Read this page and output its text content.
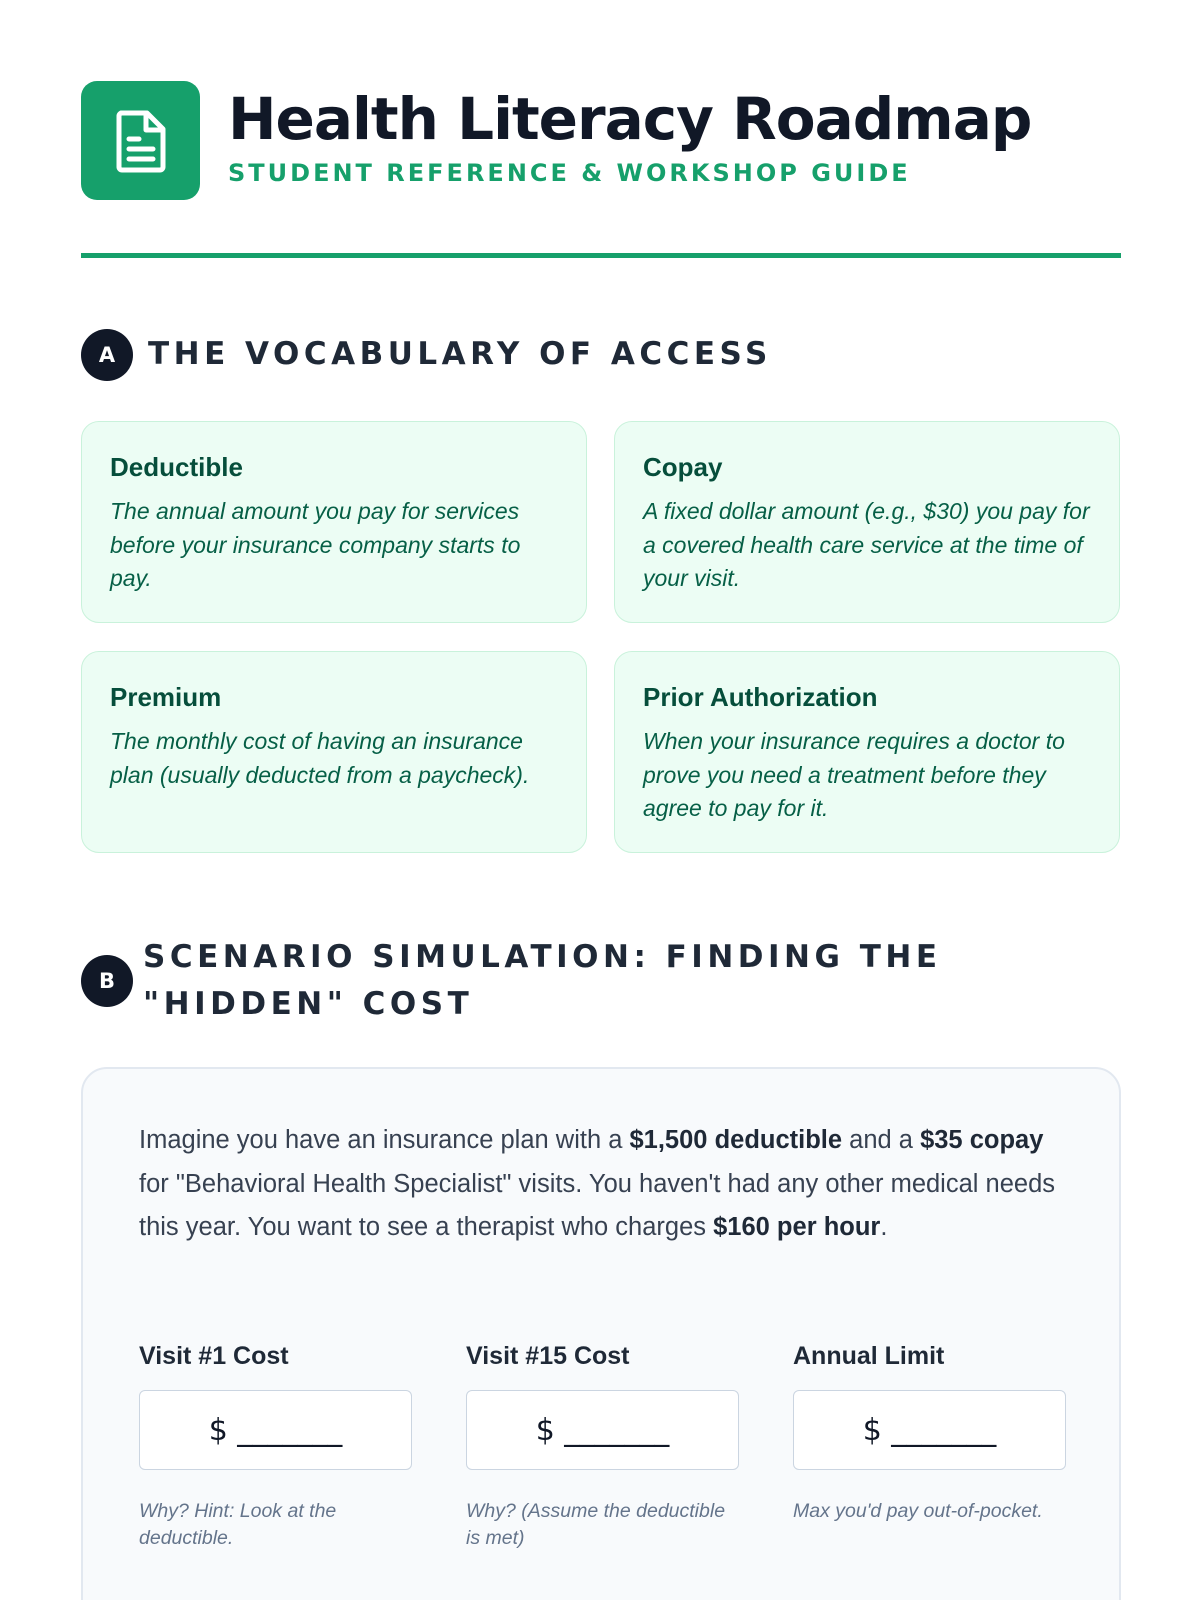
Health Literacy Roadmap
STUDENT REFERENCE & WORKSHOP GUIDE
A	THE VOCABULARY OF ACCESS
Deductible
The annual amount you pay for services before your insurance company starts to pay.
Copay
A fixed dollar amount (e.g., $30) you pay for a covered health care service at the time of your visit.
Premium
The monthly cost of having an insurance plan (usually deducted from a paycheck).
Prior Authorization
When your insurance requires a doctor to prove you need a treatment before they agree to pay for it.
B
SCENARIO SIMULATION: FINDING THE "HIDDEN" COST

Imagine you have an insurance plan with a $1,500 deductible and a $35 copay for "Behavioral Health Specialist" visits. You haven't had any other medical needs this year. You want to see a therapist who charges $160 per hour.

Visit #1 Cost
$ _______
Why? Hint: Look at the deductible.
Visit #15 Cost
$ _______
Why? (Assume the deductible is met)
Annual Limit
$ _______
Max you'd pay out-of-pocket.
